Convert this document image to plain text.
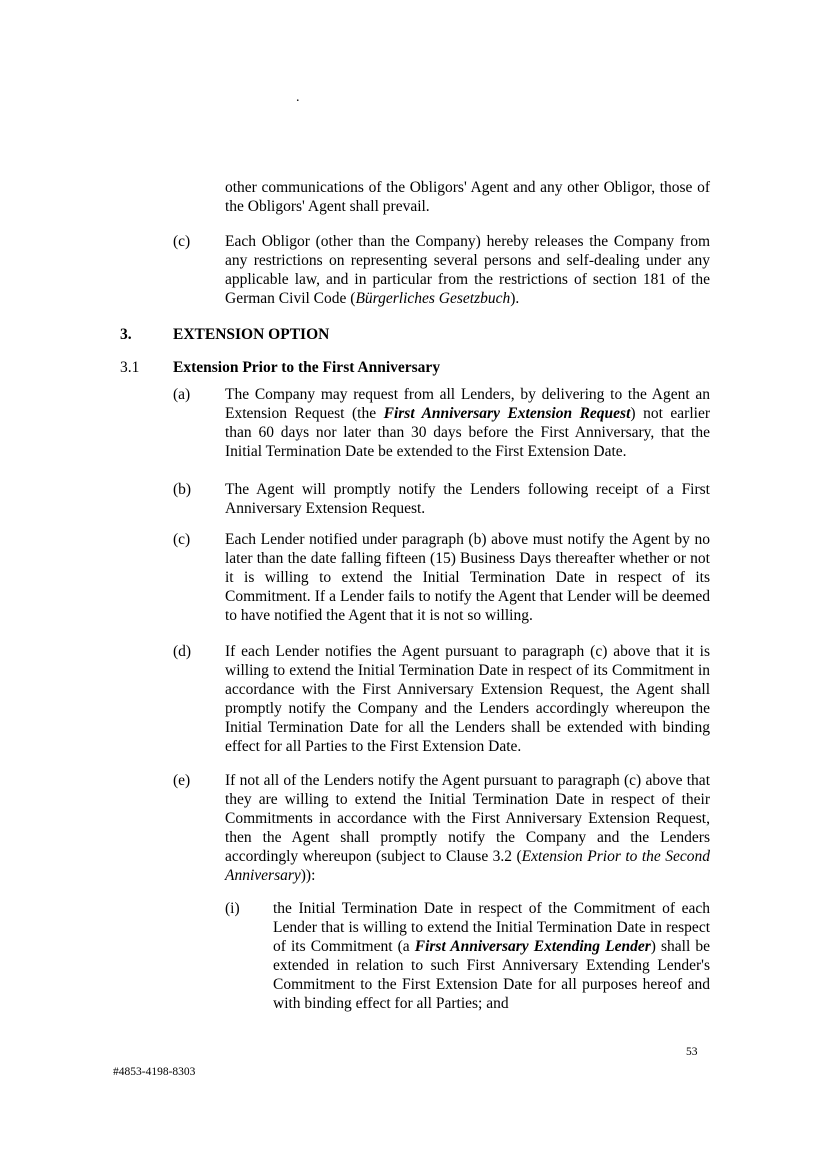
.
other communications of the Obligors' Agent and any other Obligor, those of the Obligors' Agent shall prevail.
(c) Each Obligor (other than the Company) hereby releases the Company from any restrictions on representing several persons and self-dealing under any applicable law, and in particular from the restrictions of section 181 of the German Civil Code (Bürgerliches Gesetzbuch).
3.	EXTENSION OPTION
3.1 Extension Prior to the First Anniversary
(a) The Company may request from all Lenders, by delivering to the Agent an Extension Request (the First Anniversary Extension Request) not earlier than 60 days nor later than 30 days before the First Anniversary, that the Initial Termination Date be extended to the First Extension Date.
(b) The Agent will promptly notify the Lenders following receipt of a First Anniversary Extension Request.
(c) Each Lender notified under paragraph (b) above must notify the Agent by no later than the date falling fifteen (15) Business Days thereafter whether or not it is willing to extend the Initial Termination Date in respect of its Commitment. If a Lender fails to notify the Agent that Lender will be deemed to have notified the Agent that it is not so willing.
(d) If each Lender notifies the Agent pursuant to paragraph (c) above that it is willing to extend the Initial Termination Date in respect of its Commitment in accordance with the First Anniversary Extension Request, the Agent shall promptly notify the Company and the Lenders accordingly whereupon the Initial Termination Date for all the Lenders shall be extended with binding effect for all Parties to the First Extension Date.
(e) If not all of the Lenders notify the Agent pursuant to paragraph (c) above that they are willing to extend the Initial Termination Date in respect of their Commitments in accordance with the First Anniversary Extension Request, then the Agent shall promptly notify the Company and the Lenders accordingly whereupon (subject to Clause 3.2 (Extension Prior to the Second Anniversary)):
(i) the Initial Termination Date in respect of the Commitment of each Lender that is willing to extend the Initial Termination Date in respect of its Commitment (a First Anniversary Extending Lender) shall be extended in relation to such First Anniversary Extending Lender's Commitment to the First Extension Date for all purposes hereof and with binding effect for all Parties; and
53
#4853-4198-8303
